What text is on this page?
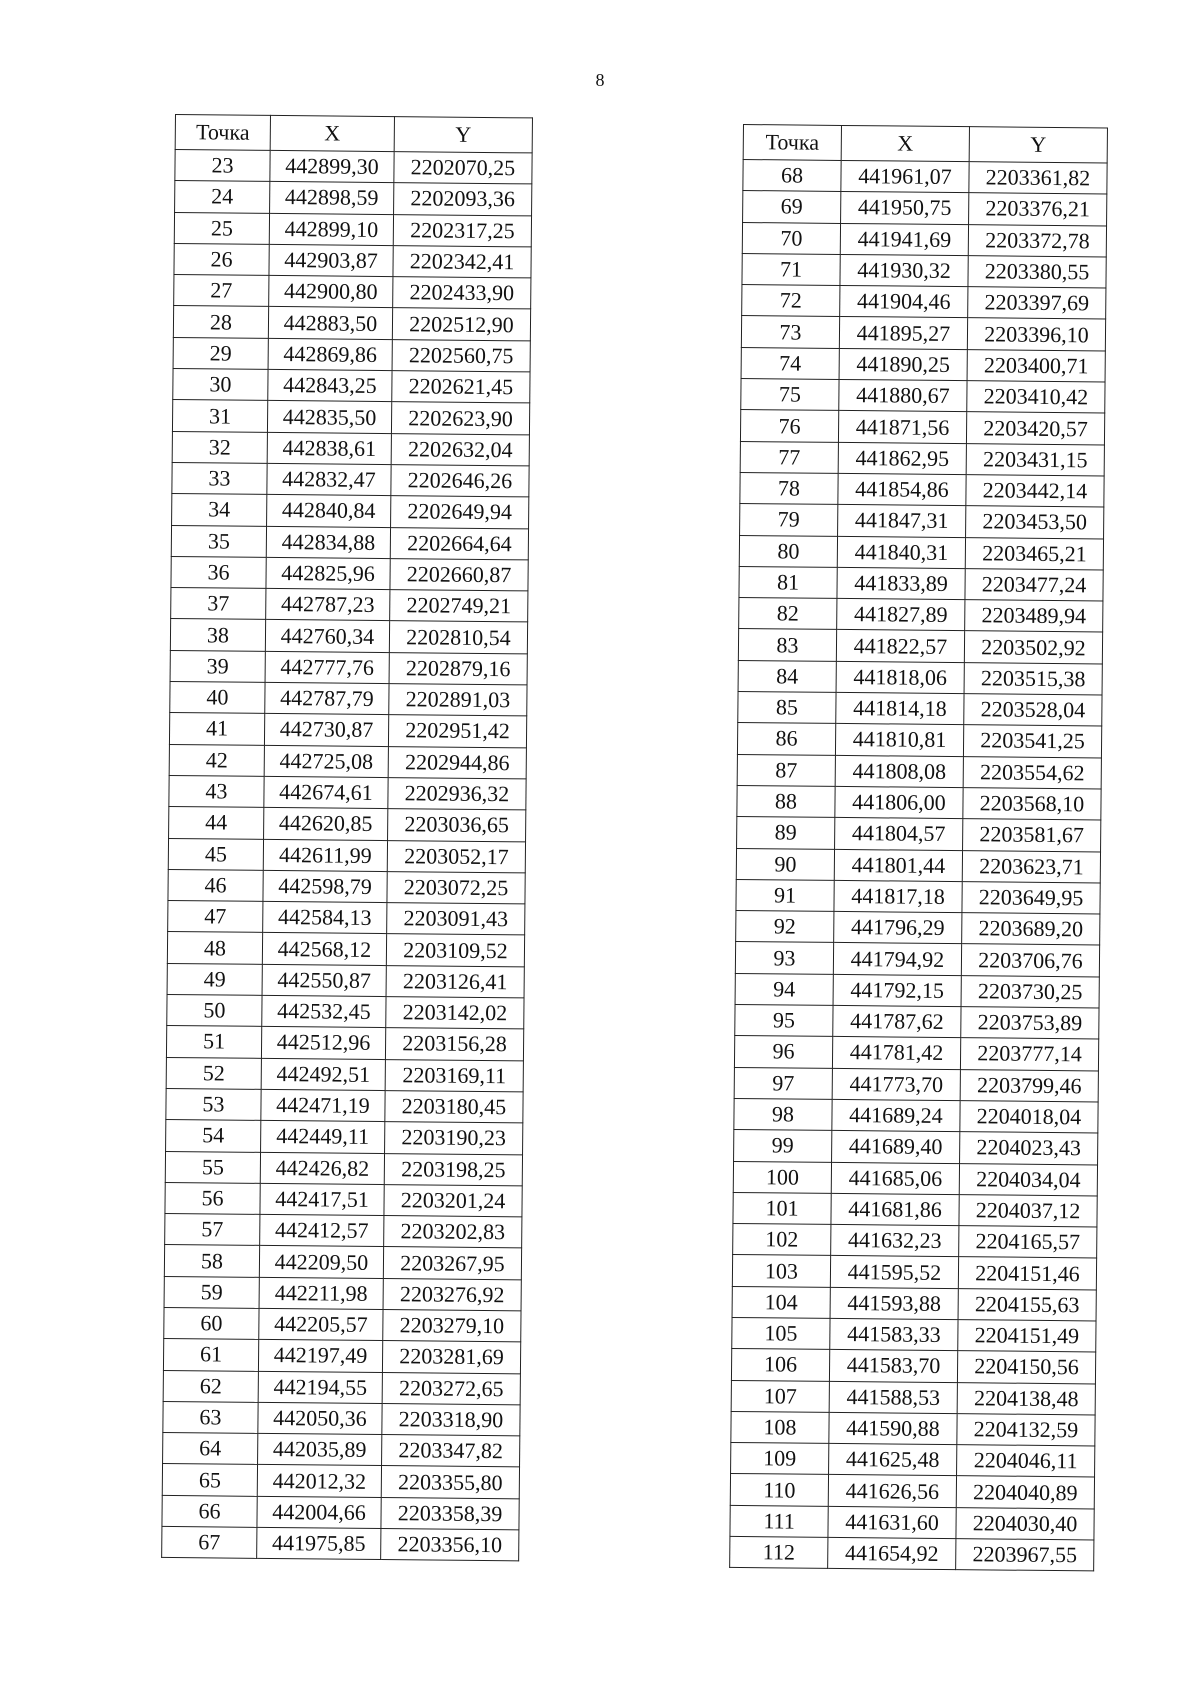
8
Точка	X	Y
23	442899,30	2202070,25
24	442898,59	2202093,36
25	442899,10	2202317,25
26	442903,87	2202342,41
27	442900,80	2202433,90
28	442883,50	2202512,90
29	442869,86	2202560,75
30	442843,25	2202621,45
31	442835,50	2202623,90
32	442838,61	2202632,04
33	442832,47	2202646,26
34	442840,84	2202649,94
35	442834,88	2202664,64
36	442825,96	2202660,87
37	442787,23	2202749,21
38	442760,34	2202810,54
39	442777,76	2202879,16
40	442787,79	2202891,03
41	442730,87	2202951,42
42	442725,08	2202944,86
43	442674,61	2202936,32
44	442620,85	2203036,65
45	442611,99	2203052,17
46	442598,79	2203072,25
47	442584,13	2203091,43
48	442568,12	2203109,52
49	442550,87	2203126,41
50	442532,45	2203142,02
51	442512,96	2203156,28
52	442492,51	2203169,11
53	442471,19	2203180,45
54	442449,11	2203190,23
55	442426,82	2203198,25
56	442417,51	2203201,24
57	442412,57	2203202,83
58	442209,50	2203267,95
59	442211,98	2203276,92
60	442205,57	2203279,10
61	442197,49	2203281,69
62	442194,55	2203272,65
63	442050,36	2203318,90
64	442035,89	2203347,82
65	442012,32	2203355,80
66	442004,66	2203358,39
67	441975,85	2203356,10
Точка	X	Y
68	441961,07	2203361,82
69	441950,75	2203376,21
70	441941,69	2203372,78
71	441930,32	2203380,55
72	441904,46	2203397,69
73	441895,27	2203396,10
74	441890,25	2203400,71
75	441880,67	2203410,42
76	441871,56	2203420,57
77	441862,95	2203431,15
78	441854,86	2203442,14
79	441847,31	2203453,50
80	441840,31	2203465,21
81	441833,89	2203477,24
82	441827,89	2203489,94
83	441822,57	2203502,92
84	441818,06	2203515,38
85	441814,18	2203528,04
86	441810,81	2203541,25
87	441808,08	2203554,62
88	441806,00	2203568,10
89	441804,57	2203581,67
90	441801,44	2203623,71
91	441817,18	2203649,95
92	441796,29	2203689,20
93	441794,92	2203706,76
94	441792,15	2203730,25
95	441787,62	2203753,89
96	441781,42	2203777,14
97	441773,70	2203799,46
98	441689,24	2204018,04
99	441689,40	2204023,43
100	441685,06	2204034,04
101	441681,86	2204037,12
102	441632,23	2204165,57
103	441595,52	2204151,46
104	441593,88	2204155,63
105	441583,33	2204151,49
106	441583,70	2204150,56
107	441588,53	2204138,48
108	441590,88	2204132,59
109	441625,48	2204046,11
110	441626,56	2204040,89
111	441631,60	2204030,40
112	441654,92	2203967,55
